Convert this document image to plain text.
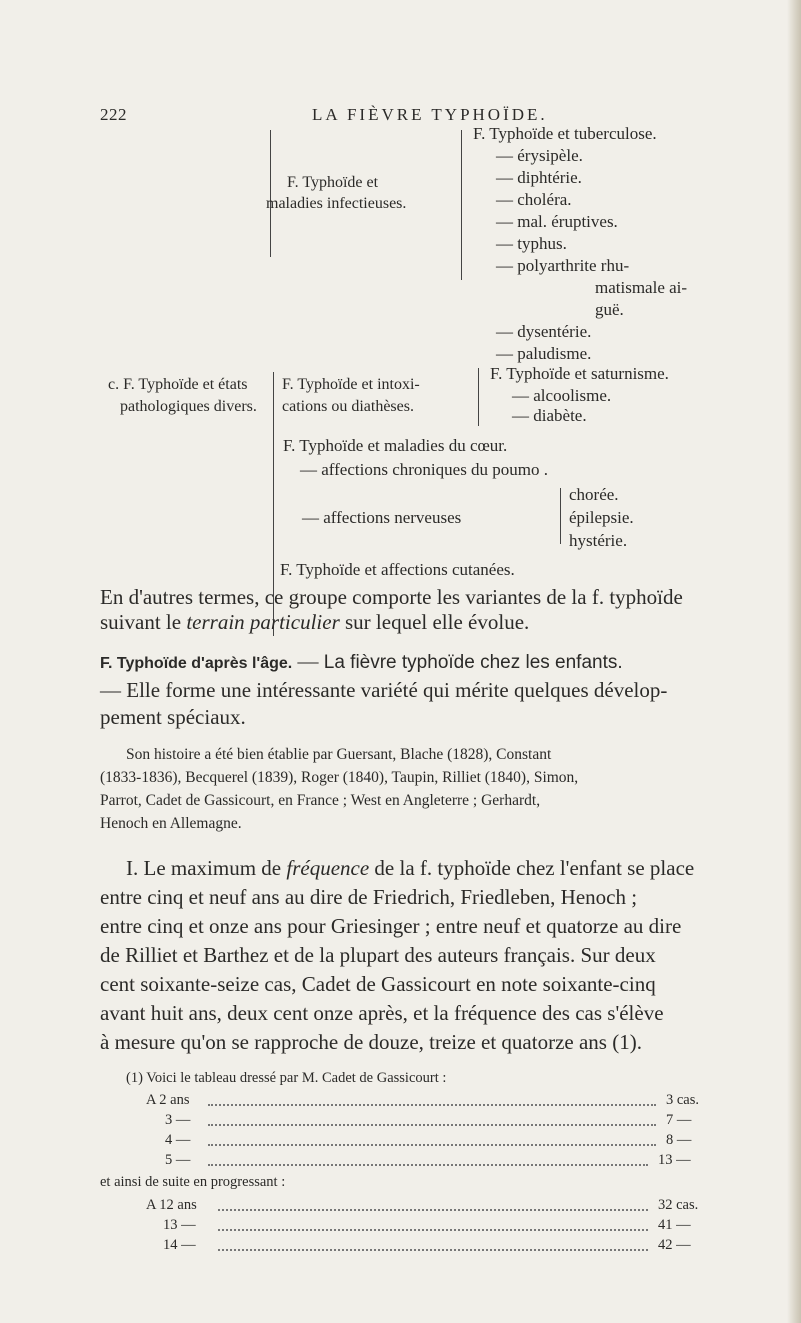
222	LA FIÈVRE TYPHOÏDE.
F. Typhoïde et
maladies infectieuses.
F. Typhoïde et tuberculose.
— érysipèle.
— diphtérie.
— choléra.
— mal. éruptives.
— typhus.
— polyarthrite rhu-
matismale ai-
guë.
— dysentérie.
— paludisme.
c. F. Typhoïde et états
pathologiques divers.
F. Typhoïde et intoxi-
cations ou diathèses.
F. Typhoïde et saturnisme.
— alcoolisme.
— diabète.
F. Typhoïde et maladies du cœur.
— affections chroniques du poumo .
— affections nerveuses
chorée.
épilepsie.
hystérie.
F. Typhoïde et affections cutanées.
En d'autres termes, ce groupe comporte les variantes de la f. typhoïde
suivant le terrain particulier sur lequel elle évolue.
F. Typhoïde d'après l'âge. — La fièvre typhoïde chez les enfants.
— Elle forme une intéressante variété qui mérite quelques dévelop-
pement spéciaux.
Son histoire a été bien établie par Guersant, Blache (1828), Constant
(1833-1836), Becquerel (1839), Roger (1840), Taupin, Rilliet (1840), Simon,
Parrot, Cadet de Gassicourt, en France ; West en Angleterre ; Gerhardt,
Henoch en Allemagne.
I. Le maximum de fréquence de la f. typhoïde chez l'enfant se place
entre cinq et neuf ans au dire de Friedrich, Friedleben, Henoch ;
entre cinq et onze ans pour Griesinger ; entre neuf et quatorze au dire
de Rilliet et Barthez et de la plupart des auteurs français. Sur deux
cent soixante-seize cas, Cadet de Gassicourt en note soixante-cinq
avant huit ans, deux cent onze après, et la fréquence des cas s'élève
à mesure qu'on se rapproche de douze, treize et quatorze ans (1).
(1) Voici le tableau dressé par M. Cadet de Gassicourt :
A 2 ans	3 cas.
3 —	7 —
4 —	8 —
5 —	13 —
et ainsi de suite en progressant :
A 12 ans	32 cas.
13 —	41 —
14 —	42 —
